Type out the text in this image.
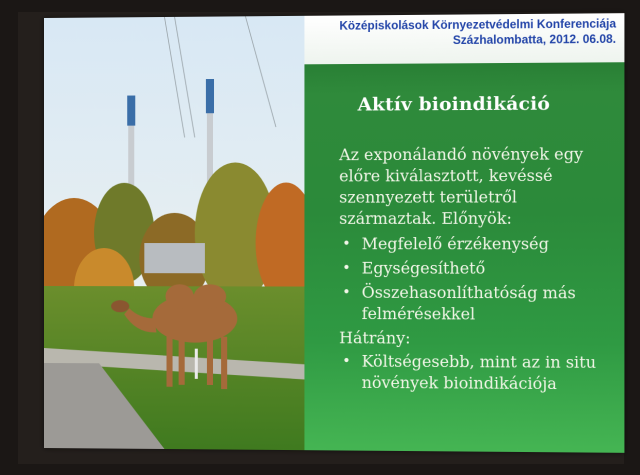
Középiskolások Környezetvédelmi Konferenciája
Százhalombatta, 2012. 06.08.
Aktív bioindikáció

Az exponálandó növények egy előre kiválasztott, kevéssé szennyezett területről származtak. Előnyök:

• Megfelelő érzékenység
• Egységesíthető
• Összehasonlíthatóság más felmérésekkel

Hátrány:

• Költségesebb, mint az in situ növények bioindikációja
